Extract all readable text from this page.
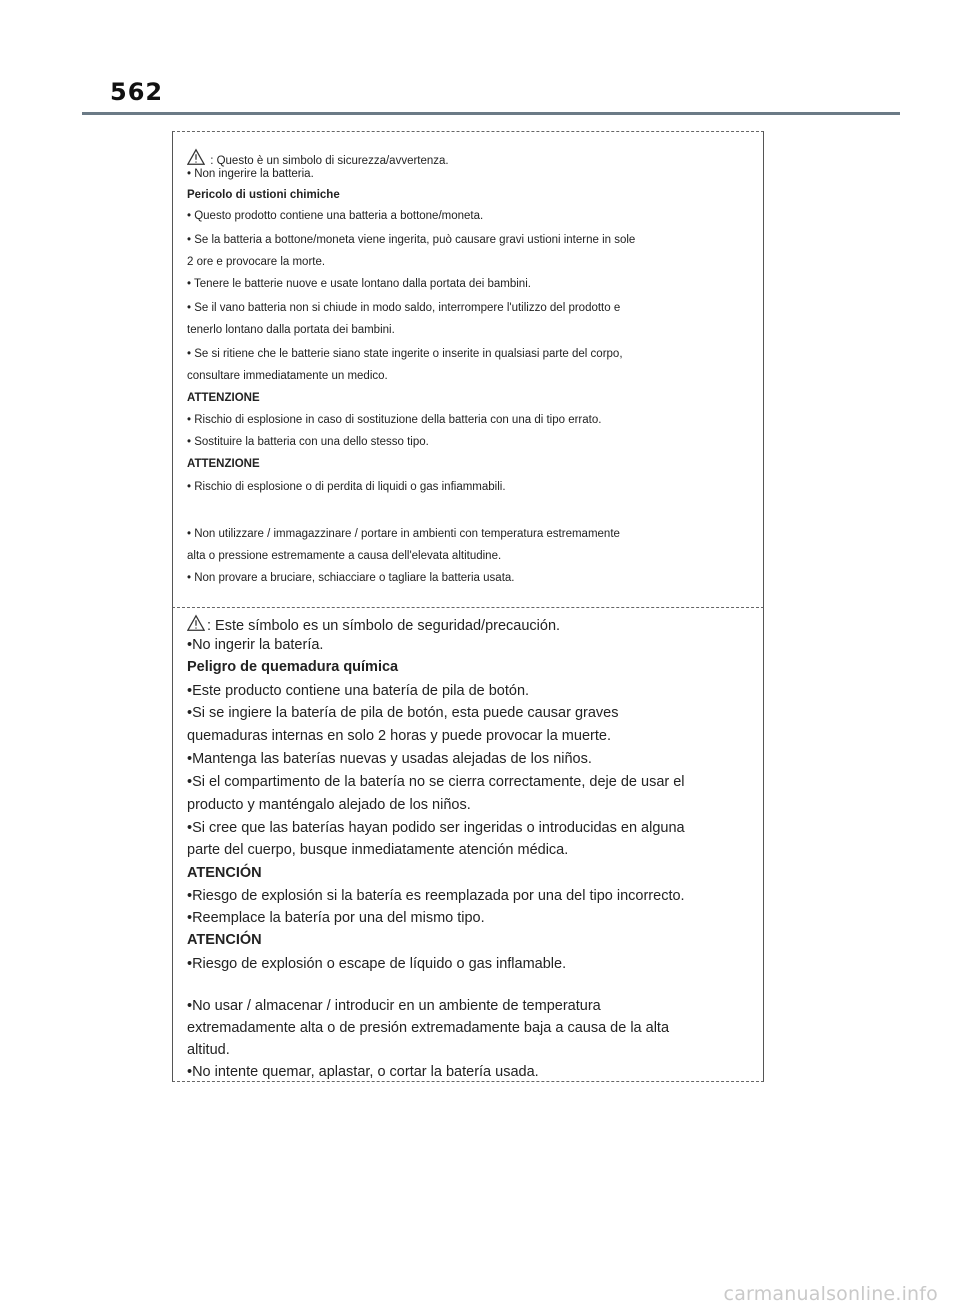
562
: Questo è un simbolo di sicurezza/avvertenza.
• Non ingerire la batteria.
Pericolo di ustioni chimiche
• Questo prodotto contiene una batteria a bottone/moneta.
• Se la batteria a bottone/moneta viene ingerita, può causare gravi ustioni interne in sole
2 ore e provocare la morte.
• Tenere le batterie nuove e usate lontano dalla portata dei bambini.
• Se il vano batteria non si chiude in modo saldo, interrompere l'utilizzo del prodotto e
tenerlo lontano dalla portata dei bambini.
• Se si ritiene che le batterie siano state ingerite o inserite in qualsiasi parte del corpo,
consultare immediatamente un medico.
ATTENZIONE
• Rischio di esplosione in caso di sostituzione della batteria con una di tipo errato.
• Sostituire la batteria con una dello stesso tipo.
ATTENZIONE
• Rischio di esplosione o di perdita di liquidi o gas infiammabili.
• Non utilizzare / immagazzinare / portare in ambienti con temperatura estremamente
alta o pressione estremamente a causa dell'elevata altitudine.
• Non provare a bruciare, schiacciare o tagliare la batteria usata.
: Este símbolo es un símbolo de seguridad/precaución.
•No ingerir la batería.
Peligro de quemadura química
•Este producto contiene una batería de pila de botón.
•Si se ingiere la batería de pila de botón, esta puede causar graves
quemaduras internas en solo 2 horas y puede provocar la muerte.
•Mantenga las baterías nuevas y usadas alejadas de los niños.
•Si el compartimento de la batería no se cierra correctamente, deje de usar el
producto y manténgalo alejado de los niños.
•Si cree que las baterías hayan podido ser ingeridas o introducidas en alguna
parte del cuerpo, busque inmediatamente atención médica.
ATENCIÓN
•Riesgo de explosión si la batería es reemplazada por una del tipo incorrecto.
•Reemplace la batería por una del mismo tipo.
ATENCIÓN
•Riesgo de explosión o escape de líquido o gas inflamable.
•No usar / almacenar / introducir en un ambiente de temperatura
extremadamente alta o de presión extremadamente baja a causa de la alta
altitud.
•No intente quemar, aplastar, o cortar la batería usada.
carmanualsonline.info
